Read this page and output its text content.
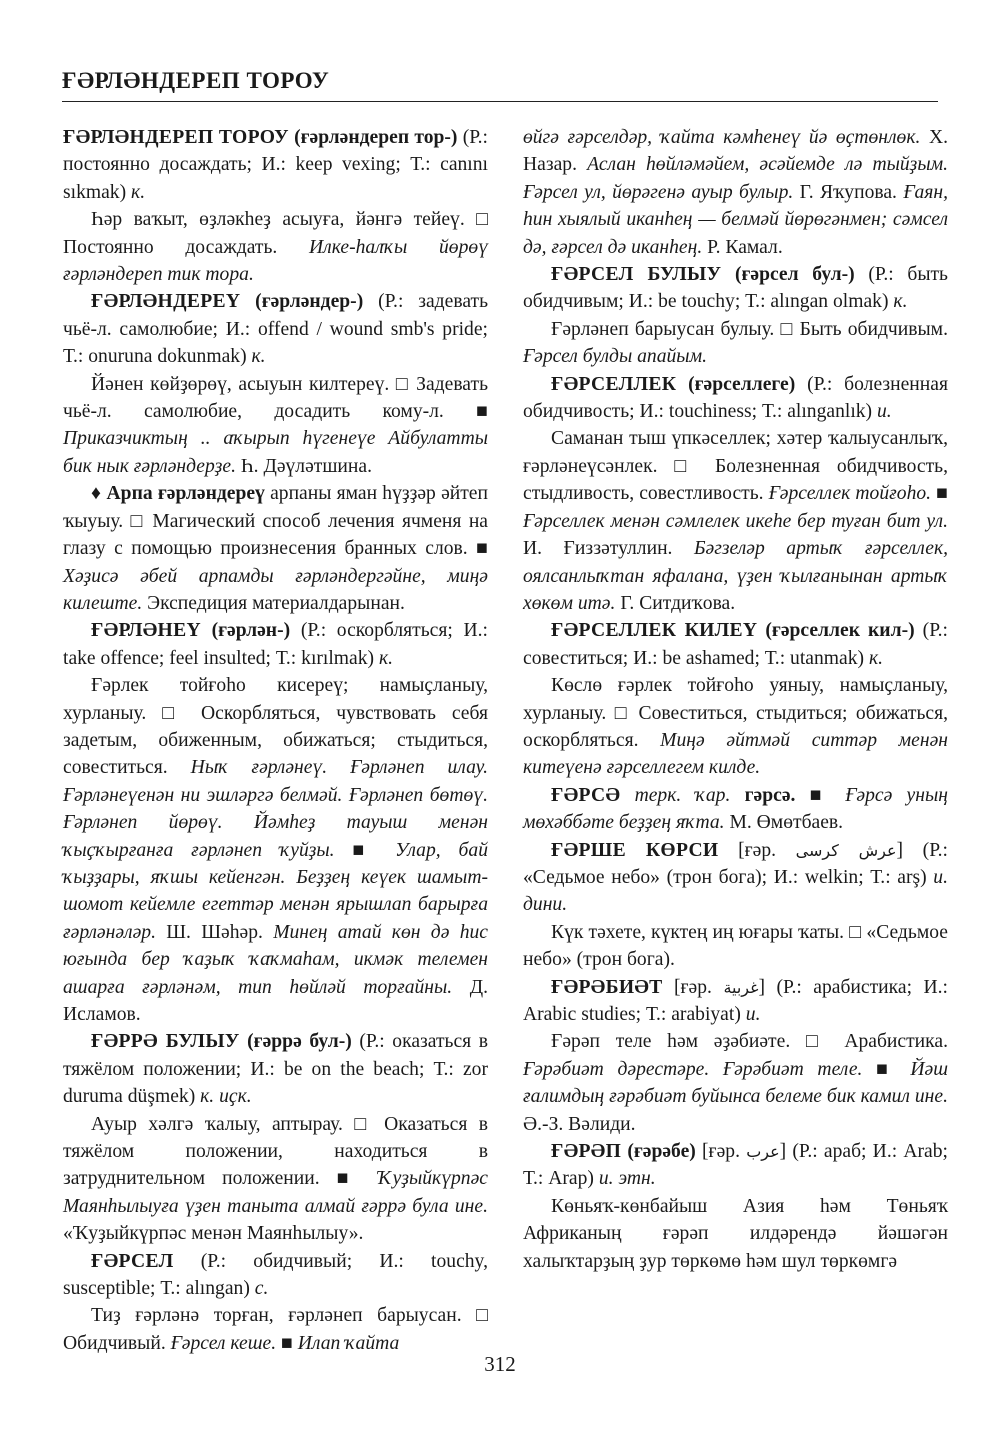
ҒӘРЛӘНДЕРЕП ТОРОУ

ҒӘРЛӘНДЕРЕП ТОРОУ (ғәрләндереп тор-) (Р.: постоянно досаждать; И.: keep vexing; Т.: canını sıkmak) к.

Һәр ваҡыт, өҙләкһеҙ асыуға, йәнгә тейеү. □ Постоянно досаждать. Илке-һалҡы йөрөү ғәрләндереп тик тора.

ҒӘРЛӘНДЕРЕҮ (ғәрләндер-) (Р.: задевать чьё-л. самолюбие; И.: offend / wound smb's pride; Т.: onuruna dokunmak) к.

Йәнен көйҙөрөү, асыуын килтереү. □ Задевать чьё-л. самолюбие, досадить кому-л. ■ Приказчиктың .. аҡырып һүгенеүе Айбулатты бик нык ғәрләндерҙе. Һ. Дәүләтшина.

♦ Арпа ғәрләндереү арпаны яман һүҙҙәр әйтеп ҡыуыу. □ Магический способ лечения ячменя на глазу с помощью произнесения бранных слов. ■ Хәҙисә әбей арпамды ғәрләндергәйне, миңә килеште. Экспедиция материалдарынан.

ҒӘРЛӘНЕҮ (ғәрлән-) (Р.: оскорбляться; И.: take offence; feel insulted; Т.: kırılmak) к.

Ғәрлек тойғоһо кисереү; намыҫланыу, хурланыу. □ Оскорбляться, чувствовать себя задетым, обиженным, обижаться; стыдиться, совеститься. Ныҡ ғәрләнеү. Ғәрләнеп илау. Ғәрләнеүенән ни эшләргә белмәй. Ғәрләнеп бөтөү. Ғәрләнеп йөрөү. Йәмһеҙ тауыш менән ҡыҫҡырғанға ғәрләнеп ҡуйҙы. ■ Улар, бай ҡыҙҙары, яҡшы кейенгән. Беҙҙең кеүек шамыт-шомот кейемле егеттәр менән ярышлап барырға ғәрләнәләр. Ш. Шәһәр. Минең атай көн дә һис юғында бер ҡаҙыҡ ҡаҡмаһам, икмәк телемен ашарға ғәрләнәм, тип һөйләй торғайны. Д. Исламов.

ҒӘРРӘ БУЛЫУ (ғәррә бул-) (Р.: оказаться в тяжёлом положении; И.: be on the beach; Т.: zor duruma düşmek) к. иҫк.

Ауыр хәлгә ҡалыу, аптырау. □ Оказаться в тяжёлом положении, находиться в затруднительном положении. ■ Ҡуҙыйкүрпәс Маянһылыуға үҙен таныта алмай ғәррә була ине. «Ҡуҙыйкүрпәс менән Маянһылыу».

ҒӘРСЕЛ (Р.: обидчивый; И.: touchy, susceptible; Т.: alıngan) с.

Тиҙ ғәрләнә торған, ғәрләнеп барыусан. □ Обидчивый. Ғәрсел кеше. ■ Илап ҡайта

өйгә ғәрселдәр, ҡайта кәмһенеү йә өҫтөнлөк. Х. Назар. Аслан һөйләмәйем, әсәйемде лә тыйҙым. Ғәрсел ул, йөрәгенә ауыр булыр. Г. Яҡупова. Ғаян, һин хыялый иканһең — белмәй йөрөгәнмен; сәмсел дә, ғәрсел дә иканһең. Р. Камал.

ҒӘРСЕЛ БУЛЫУ (ғәрсел бул-) (Р.: быть обидчивым; И.: be touchy; Т.: alıngan olmak) к.

Ғәрләнеп барыусан булыу. □ Быть обидчивым. Ғәрсел булды апайым.

ҒӘРСЕЛЛЕК (ғәрселлеге) (Р.: болезненная обидчивость; И.: touchiness; Т.: alınganlık) и.

Саманан тыш үпкәселлек; хәтер ҡалыусанлыҡ, ғәрләнеүсәнлек. □ Болезненная обидчивость, стыдливость, совестливость. Ғәрселлек тойғоһо. ■ Ғәрселлек менән сәмлелек икеһе бер туған бит ул. И. Ғиззәтуллин. Бәгзеләр артыҡ ғәрселлек, оялсанлыҡтан яфалана, үҙен ҡылғанынан артыҡ хөкөм итә. Г. Ситдиҡова.

ҒӘРСЕЛЛЕК КИЛЕҮ (ғәрселлек кил-) (Р.: совеститься; И.: be ashamed; Т.: utanmak) к.

Көслө ғәрлек тойғоһо уяныу, намыҫланыу, хурланыу. □ Совеститься, стыдиться; обижаться, оскорбляться. Миңә әйтмәй ситтәр менән китеүенә ғәрселлегем килде.

ҒӘРСӘ терк. ҡар. гәрсә. ■ Ғәрсә уның мөхәббәте беҙҙең яҡта. М. Өмөтбаев.

ҒӘРШЕ КӨРСИ [ғәр. عرش كرسى] (Р.: «Седьмое небо» (трон бога); И.: welkin; Т.: arş) и. дини.

Күк тәхете, күктең иң юғары ҡаты. □ «Седьмое небо» (трон бога).

ҒӘРӘБИӘТ [ғәр. غربية] (Р.: арабистика; И.: Arabic studies; Т.: arabiyat) и.

Ғәрәп теле һәм әҙәбиәте. □ Арабистика. Ғәрәбиәт дәрестәре. Ғәрәбиәт теле. ■ Йәш ғалимдың ғәрәбиәт буйынса белеме бик камил ине. Ә.-З. Вәлиди.

ҒӘРӘП (ғәрәбе) [ғәр. عرب] (Р.: араб; И.: Arab; Т.: Arap) и. этн.

Көньяҡ-көнбайыш Азия һәм Төньяҡ Африканың ғәрәп илдәрендә йәшәгән халыҡтарҙың ҙур төркөмө һәм шул төркөмгә

312
